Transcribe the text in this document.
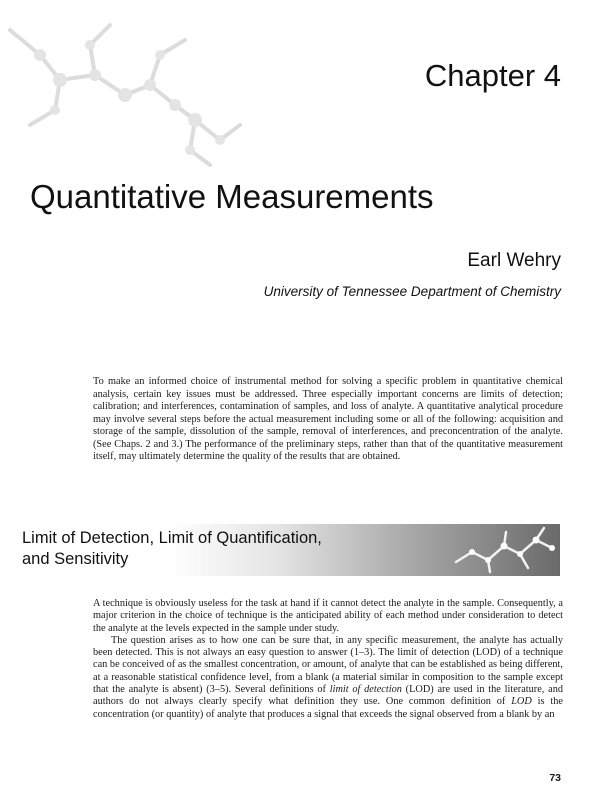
Chapter 4
Quantitative Measurements
Earl Wehry
University of Tennessee Department of Chemistry

To make an informed choice of instrumental method for solving a specific problem in quantitative chemical analysis, certain key issues must be addressed. Three especially important concerns are limits of detection; calibration; and interferences, contamination of samples, and loss of analyte. A quantitative analytical procedure may involve several steps before the actual measurement including some or all of the following: acquisition and storage of the sample, dissolution of the sample, removal of interferences, and preconcentration of the analyte. (See Chaps. 2 and 3.) The performance of the preliminary steps, rather than that of the quantitative measurement itself, may ultimately determine the quality of the results that are obtained.

Limit of Detection, Limit of Quantification,
and Sensitivity

A technique is obviously useless for the task at hand if it cannot detect the analyte in the sample. Consequently, a major criterion in the choice of technique is the anticipated ability of each method under consideration to detect the analyte at the levels expected in the sample under study.

The question arises as to how one can be sure that, in any specific measurement, the analyte has actually been detected. This is not always an easy question to answer (1–3). The limit of detection (LOD) of a technique can be conceived of as the smallest concentration, or amount, of analyte that can be established as being different, at a reasonable statistical confidence level, from a blank (a material similar in composition to the sample except that the analyte is absent) (3–5). Several definitions of limit of detection (LOD) are used in the literature, and authors do not always clearly specify what definition they use. One common definition of LOD is the concentration (or quantity) of analyte that produces a signal that exceeds the signal observed from a blank by an

73
